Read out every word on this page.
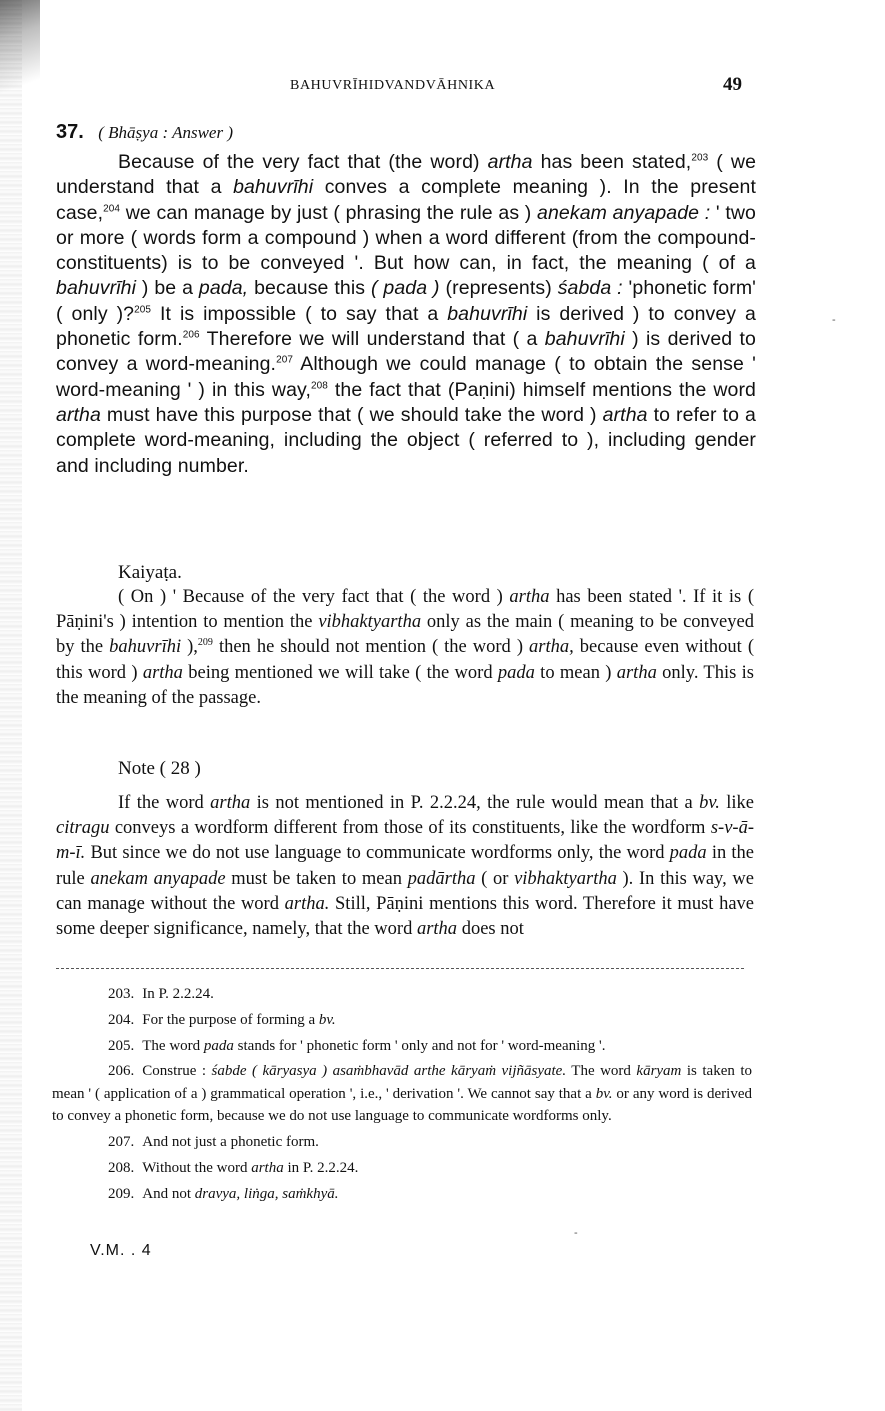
BAHUVRĪHIDVANDVĀHNIKA	49
37. ( Bhāṣya : Answer )

Because of the very fact that (the word) artha has been stated,$^{203}$ ( we understand that a bahuvrīhi conves a complete meaning ). In the present case,$^{204}$ we can manage by just ( phrasing the rule as ) anekam anyapade : ' two or more ( words form a compound ) when a word different (from the compound-constituents) is to be conveyed '. But how can, in fact, the meaning ( of a bahuvrīhi ) be a pada, because this ( pada ) (represents) śabda : 'phonetic form' ( only )?$^{205}$ It is impossible ( to say that a bahuvrīhi is derived ) to convey a phonetic form.$^{206}$ Therefore we will understand that ( a bahuvrīhi ) is derived to convey a word-meaning.$^{207}$ Although we could manage ( to obtain the sense ' word-meaning ' ) in this way,$^{208}$ the fact that (Paṇini) himself mentions the word artha must have this purpose that ( we should take the word ) artha to refer to a complete word-meaning, including the object ( referred to ), including gender and including number.

Kaiyaṭa.

( On ) ' Because of the very fact that ( the word ) artha has been stated '. If it is ( Pāṇini's ) intention to mention the vibhaktyartha only as the main ( meaning to be conveyed by the bahuvrīhi ),$^{209}$ then he should not mention ( the word ) artha, because even without ( this word ) artha being mentioned we will take ( the word pada to mean ) artha only. This is the meaning of the passage.

Note ( 28 )

If the word artha is not mentioned in P. 2.2.24, the rule would mean that a bv. like citragu conveys a wordform different from those of its constituents, like the wordform s-v-ā-m-ī. But since we do not use language to communicate wordforms only, the word pada in the rule anekam anyapade must be taken to mean padārtha ( or vibhaktyartha ). In this way, we can manage without the word artha. Still, Pāṇini mentions this word. Therefore it must have some deeper significance, namely, that the word artha does not

203. In P. 2.2.24.

204. For the purpose of forming a bv.

205. The word pada stands for ' phonetic form ' only and not for ' word-meaning '.

206. Construe : śabde ( kāryasya ) asaṁbhavād arthe kāryaṁ vijñāsyate. The word kāryam is taken to mean ' ( application of a ) grammatical operation ', i.e., ' derivation '. We cannot say that a bv. or any word is derived to convey a phonetic form, because we do not use language to communicate wordforms only.

207. And not just a phonetic form.

208. Without the word artha in P. 2.2.24.

209. And not dravya, liṅga, saṁkhyā.

V.M. . 4
-
-
